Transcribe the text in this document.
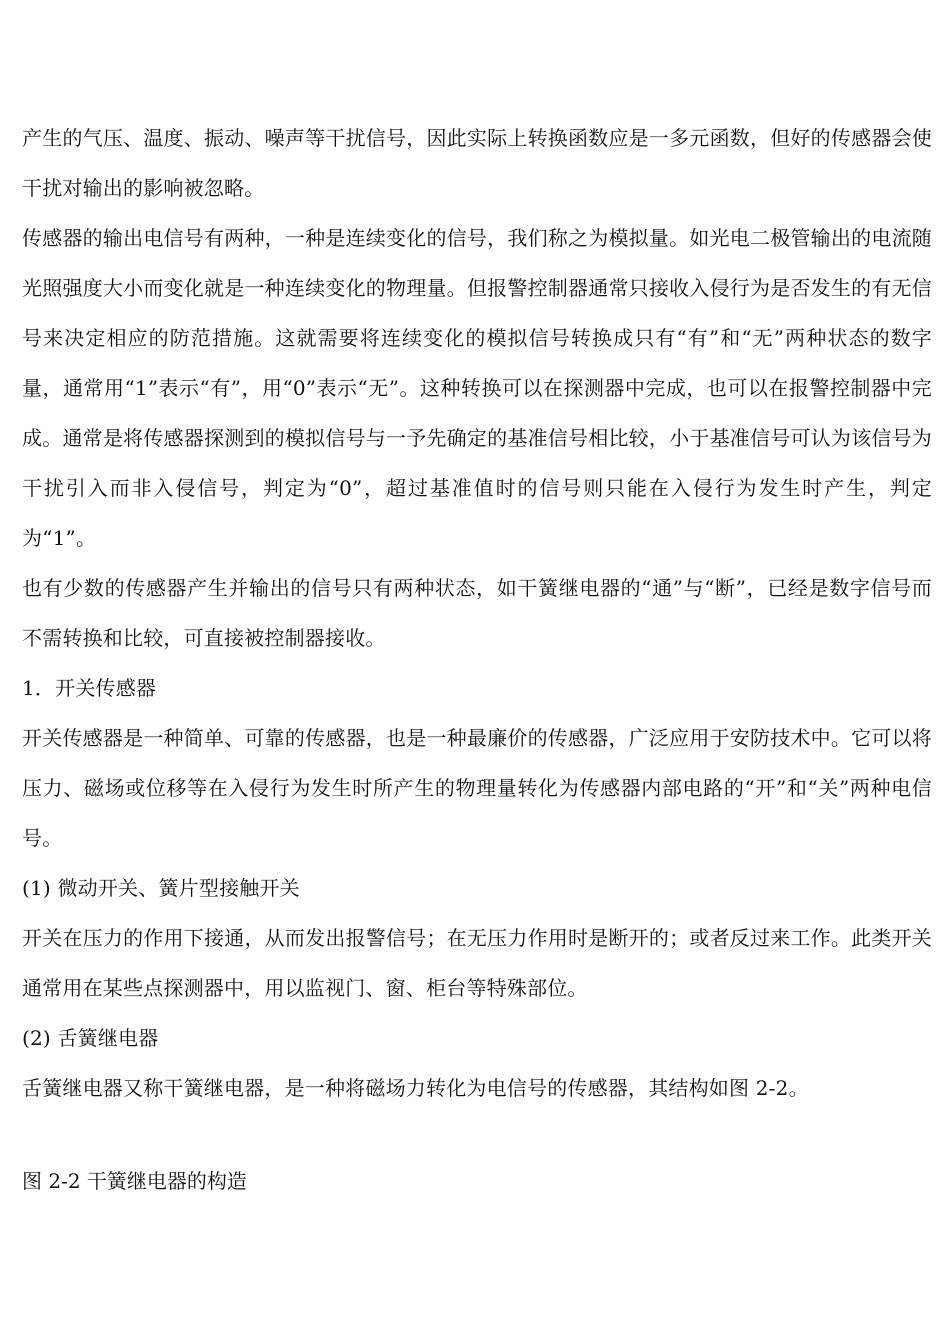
产生的气压、温度、振动、噪声等干扰信号，因此实际上转换函数应是一多元函数，但好的传感器会使干扰对输出的影响被忽略。

传感器的输出电信号有两种，一种是连续变化的信号，我们称之为模拟量。如光电二极管输出的电流随光照强度大小而变化就是一种连续变化的物理量。但报警控制器通常只接收入侵行为是否发生的有无信号来决定相应的防范措施。这就需要将连续变化的模拟信号转换成只有“有”和“无”两种状态的数字量，通常用“1”表示“有”，用“0”表示“无”。这种转换可以在探测器中完成，也可以在报警控制器中完成。通常是将传感器探测到的模拟信号与一予先确定的基准信号相比较，小于基准信号可认为该信号为干扰引入而非入侵信号，判定为“0”，超过基准值时的信号则只能在入侵行为发生时产生，判定为“1”。

也有少数的传感器产生并输出的信号只有两种状态，如干簧继电器的“通”与“断”，已经是数字信号而不需转换和比较，可直接被控制器接收。

1．开关传感器

开关传感器是一种简单、可靠的传感器，也是一种最廉价的传感器，广泛应用于安防技术中。它可以将压力、磁场或位移等在入侵行为发生时所产生的物理量转化为传感器内部电路的“开”和“关”两种电信号。

(1) 微动开关、簧片型接触开关

开关在压力的作用下接通，从而发出报警信号；在无压力作用时是断开的；或者反过来工作。此类开关通常用在某些点探测器中，用以监视门、窗、柜台等特殊部位。

(2) 舌簧继电器

舌簧继电器又称干簧继电器，是一种将磁场力转化为电信号的传感器，其结构如图 2-2。

图 2-2 干簧继电器的构造
